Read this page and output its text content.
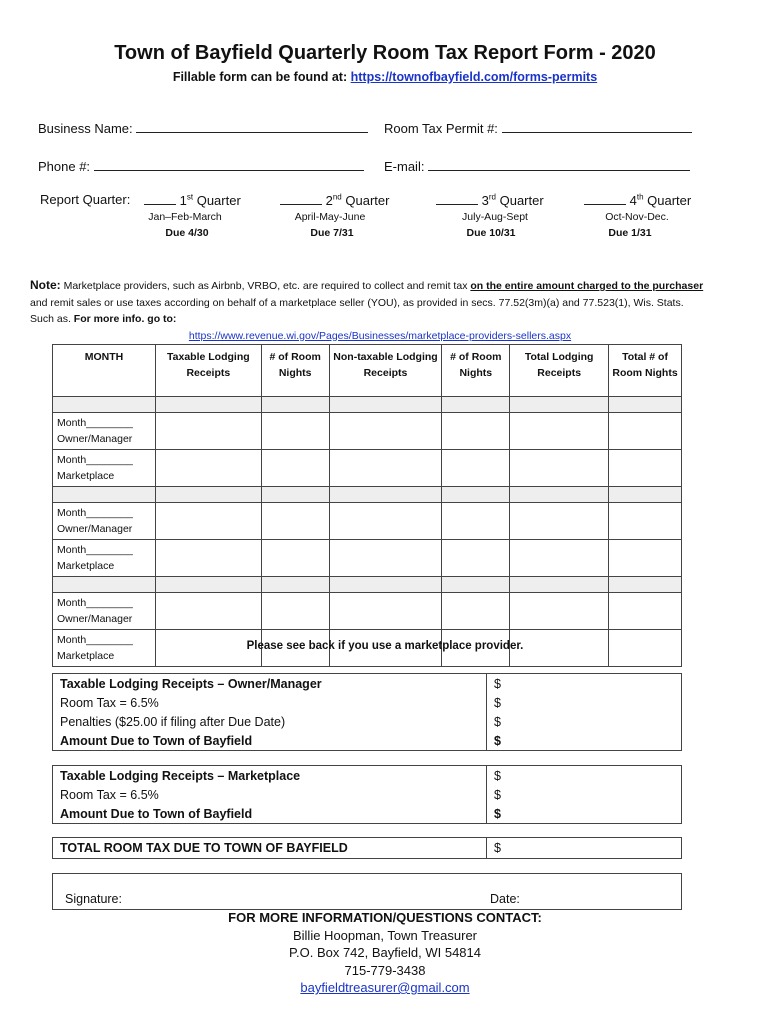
Town of Bayfield Quarterly Room Tax Report Form - 2020
Fillable form can be found at: https://townofbayfield.com/forms-permits
Business Name:	Room Tax Permit #:
Phone #:	E-mail:
Report Quarter:	1st Quarter
Jan–Feb-March
Due 4/30
2nd Quarter
April-May-June
Due 7/31
3rd Quarter
July-Aug-Sept
Due 10/31
4th Quarter
Oct-Nov-Dec.
Due 1/31
Note: Marketplace providers, such as Airbnb, VRBO, etc. are required to collect and remit tax on the entire amount charged to the purchaser and remit sales or use taxes according on behalf of a marketplace seller (YOU), as provided in secs. 77.52(3m)(a) and 77.523(1), Wis. Stats. Such as. For more info. go to:
https://www.revenue.wi.gov/Pages/Businesses/marketplace-providers-sellers.aspx
MONTH	Taxable Lodging Receipts	# of Room Nights	Non-taxable Lodging Receipts	# of Room Nights	Total Lodging Receipts	Total # of Room Nights

Month________
Owner/Manager						

Month________
Marketplace						

Month________
Owner/Manager						

Month________
Marketplace						

Month________
Owner/Manager						

Month________
Marketplace						

Please see back if you use a marketplace provider.
Taxable Lodging Receipts – Owner/Manager	$
Room Tax = 6.5%	$
Penalties ($25.00 if filing after Due Date)	$
Amount Due to Town of Bayfield	$
Taxable Lodging Receipts – Marketplace	$
Room Tax = 6.5%	$
Amount Due to Town of Bayfield	$
TOTAL ROOM TAX DUE TO TOWN OF BAYFIELD	$
Signature:	Date:
FOR MORE INFORMATION/QUESTIONS CONTACT:
Billie Hoopman, Town Treasurer
P.O. Box 742, Bayfield, WI 54814
715-779-3438
bayfieldtreasurer@gmail.com
